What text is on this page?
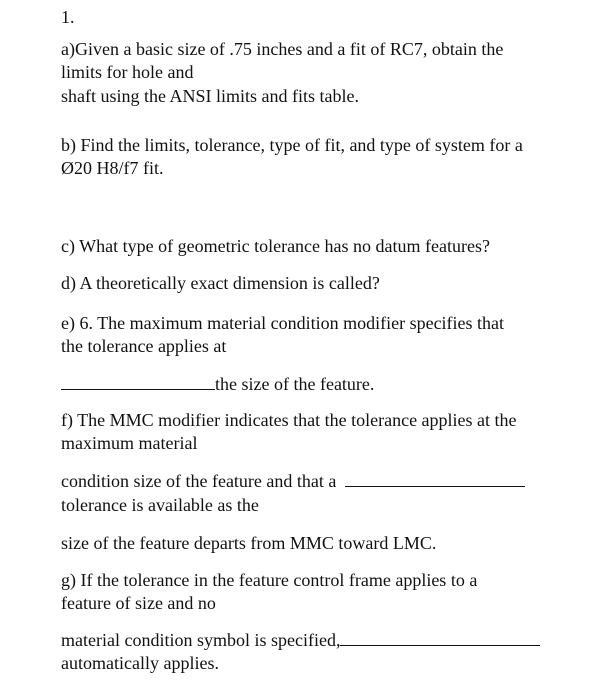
1.
a)Given a basic size of .75 inches and a fit of RC7, obtain the
limits for hole and
shaft using the ANSI limits and fits table.
b) Find the limits, tolerance, type of fit, and type of system for a
Ø20 H8/f7 fit.
c) What type of geometric tolerance has no datum features?
d) A theoretically exact dimension is called?
e) 6. The maximum material condition modifier specifies that
the tolerance applies at
the size of the feature.
f) The MMC modifier indicates that the tolerance applies at the
maximum material
condition size of the feature and that a
tolerance is available as the
size of the feature departs from MMC toward LMC.
g) If the tolerance in the feature control frame applies to a
feature of size and no
material condition symbol is specified,
automatically applies.
